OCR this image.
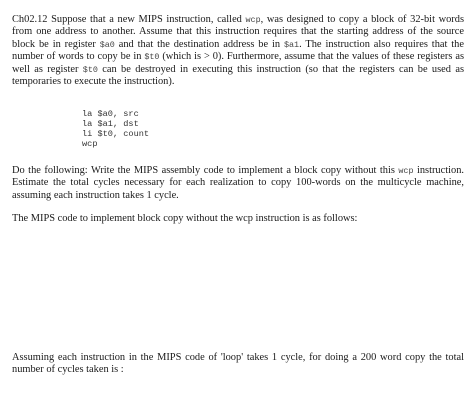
Ch02.12 Suppose that a new MIPS instruction, called wcp, was designed to copy a block of 32-bit words from one address to another. Assume that this instruction requires that the starting address of the source block be in register $a0 and that the destination address be in $a1. The instruction also requires that the number of words to copy be in $t0 (which is > 0). Furthermore, assume that the values of these registers as well as register $t0 can be destroyed in executing this instruction (so that the registers can be used as temporaries to execute the instruction).
la $a0, src
la $a1, dst
li $t0, count
wcp
Do the following: Write the MIPS assembly code to implement a block copy without this wcp instruction. Estimate the total cycles necessary for each realization to copy 100-words on the multicycle machine, assuming each instruction takes 1 cycle.
The MIPS code to implement block copy without the wcp instruction is as follows:
Assuming each instruction in the MIPS code of 'loop' takes 1 cycle, for doing a 200 word copy the total number of cycles taken is :
